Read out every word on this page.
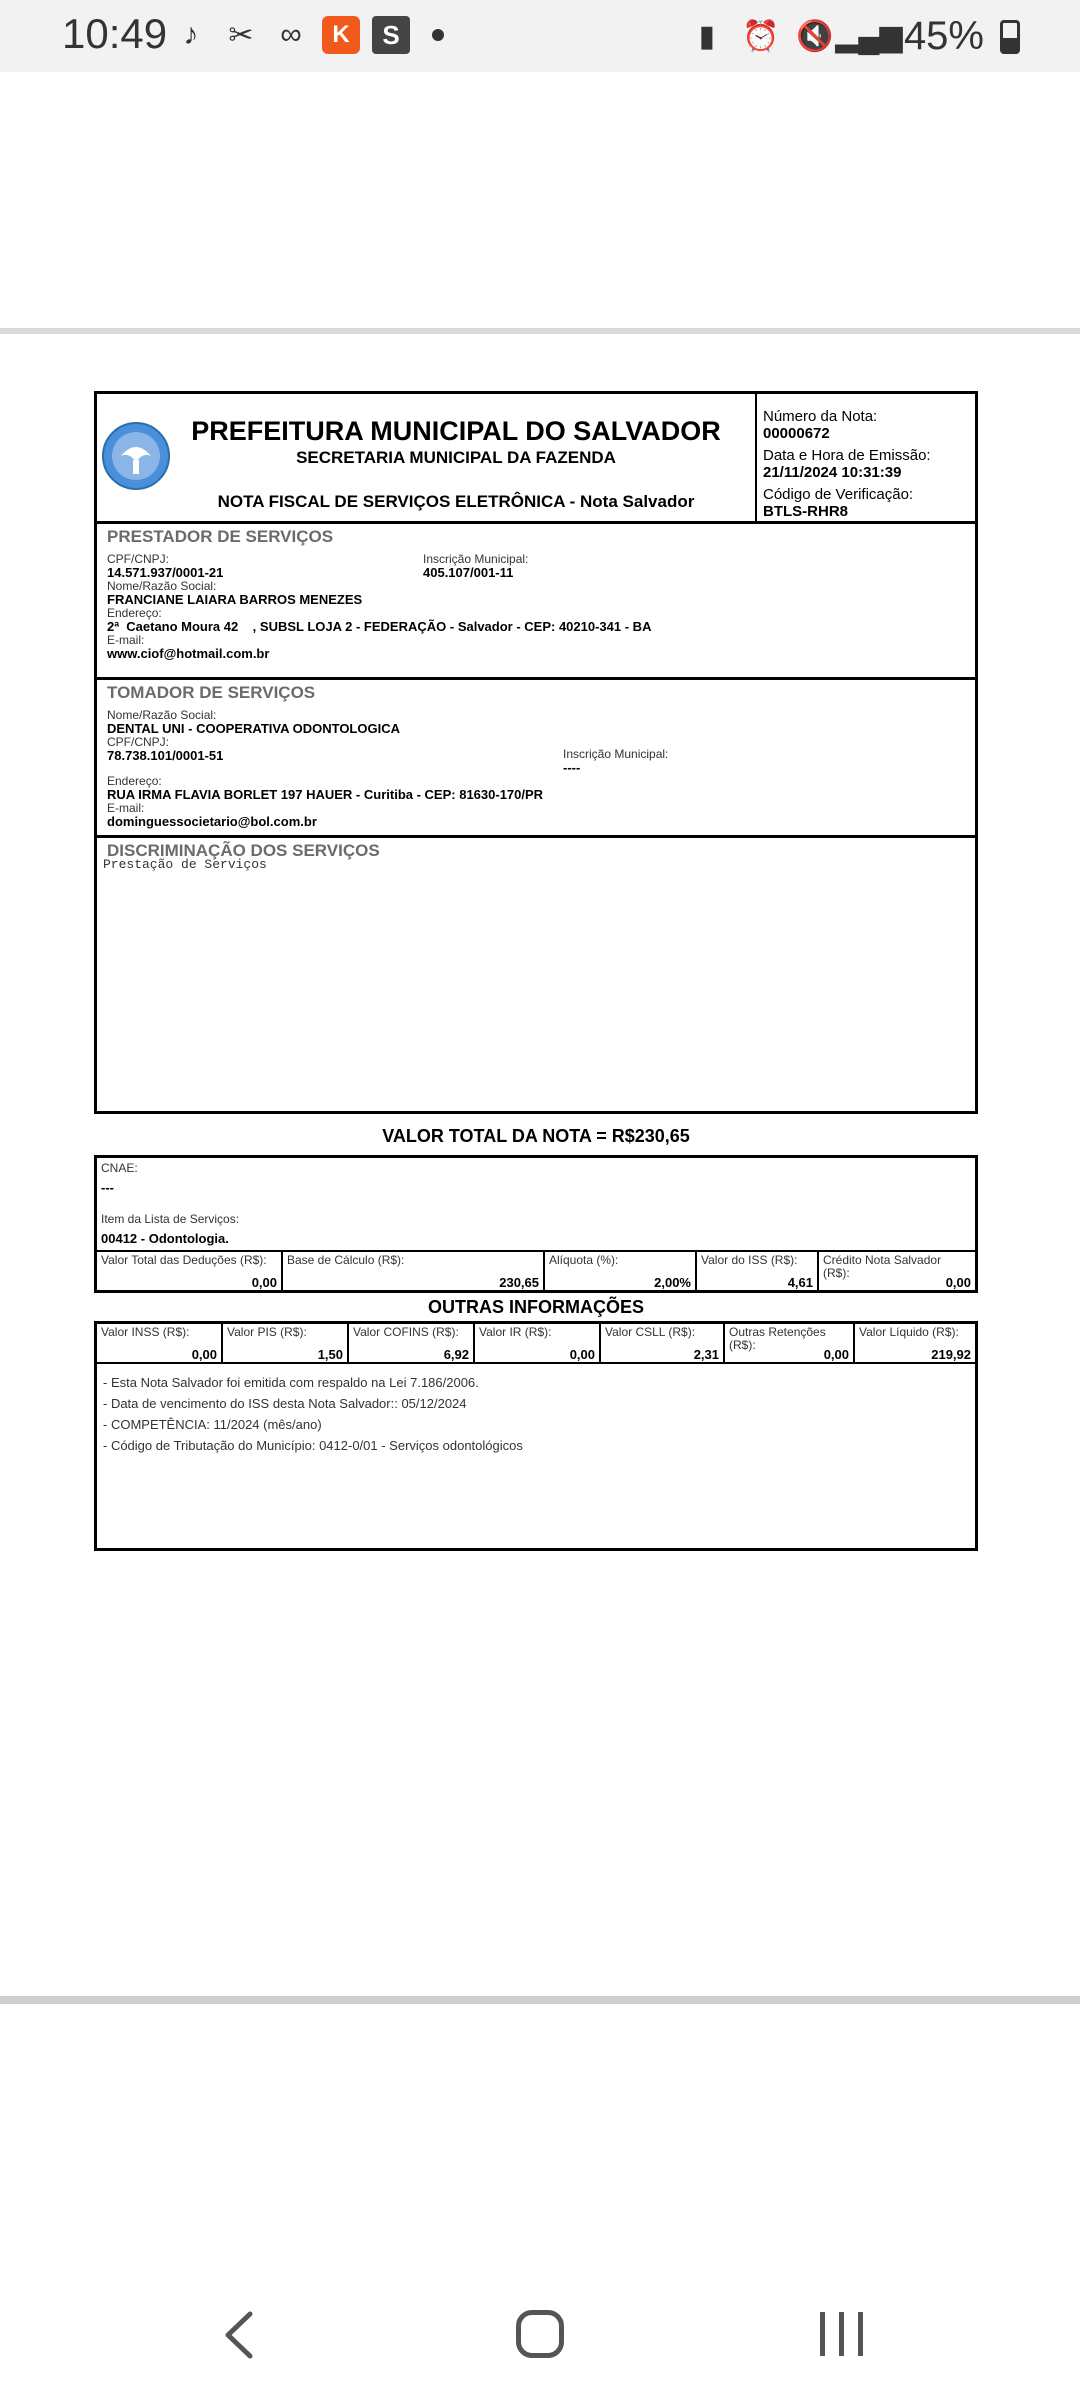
10:49 ♪ ✂ ∞	K	S	▮ ⏰ 🔇 ▂▄▆ 45%
PREFEITURA MUNICIPAL DO SALVADOR
SECRETARIA MUNICIPAL DA FAZENDA
NOTA FISCAL DE SERVIÇOS ELETRÔNICA - Nota Salvador
Número da Nota:
00000672
Data e Hora de Emissão:
21/11/2024 10:31:39
Código de Verificação:
BTLS-RHR8
PRESTADOR DE SERVIÇOS
CPF/CNPJ:
14.571.937/0001-21
Inscrição Municipal:
405.107/001-11
Nome/Razão Social:
FRANCIANE LAIARA BARROS MENEZES
Endereço:
2ª  Caetano Moura 42    , SUBSL LOJA 2 - FEDERAÇÃO - Salvador - CEP: 40210-341 - BA
E-mail:
www.ciof@hotmail.com.br
TOMADOR DE SERVIÇOS
Nome/Razão Social:
DENTAL UNI - COOPERATIVA ODONTOLOGICA
CPF/CNPJ:
78.738.101/0001-51	Inscrição Municipal:
----
Endereço:
RUA IRMA FLAVIA BORLET 197 HAUER - Curitiba - CEP: 81630-170/PR
E-mail:
dominguessocietario@bol.com.br
DISCRIMINAÇÃO DOS SERVIÇOS
Prestação de Serviços
VALOR TOTAL DA NOTA = R$230,65
CNAE:
---
Item da Lista de Serviços:
00412 - Odontologia.
Valor Total das Deduções (R$):
0,00
Base de Cálculo (R$):
230,65
Alíquota (%):
2,00%
Valor do ISS (R$):
4,61
Crédito Nota Salvador (R$):
0,00
OUTRAS INFORMAÇÕES
Valor INSS (R$):
0,00
Valor PIS (R$):
1,50
Valor COFINS (R$):
6,92
Valor IR (R$):
0,00
Valor CSLL (R$):
2,31
Outras Retenções (R$):
0,00
Valor Líquido (R$):
219,92
- Esta Nota Salvador foi emitida com respaldo na Lei 7.186/2006.
- Data de vencimento do ISS desta Nota Salvador:: 05/12/2024
- COMPETÊNCIA: 11/2024 (mês/ano)
- Código de Tributação do Município: 0412-0/01 - Serviços odontológicos
